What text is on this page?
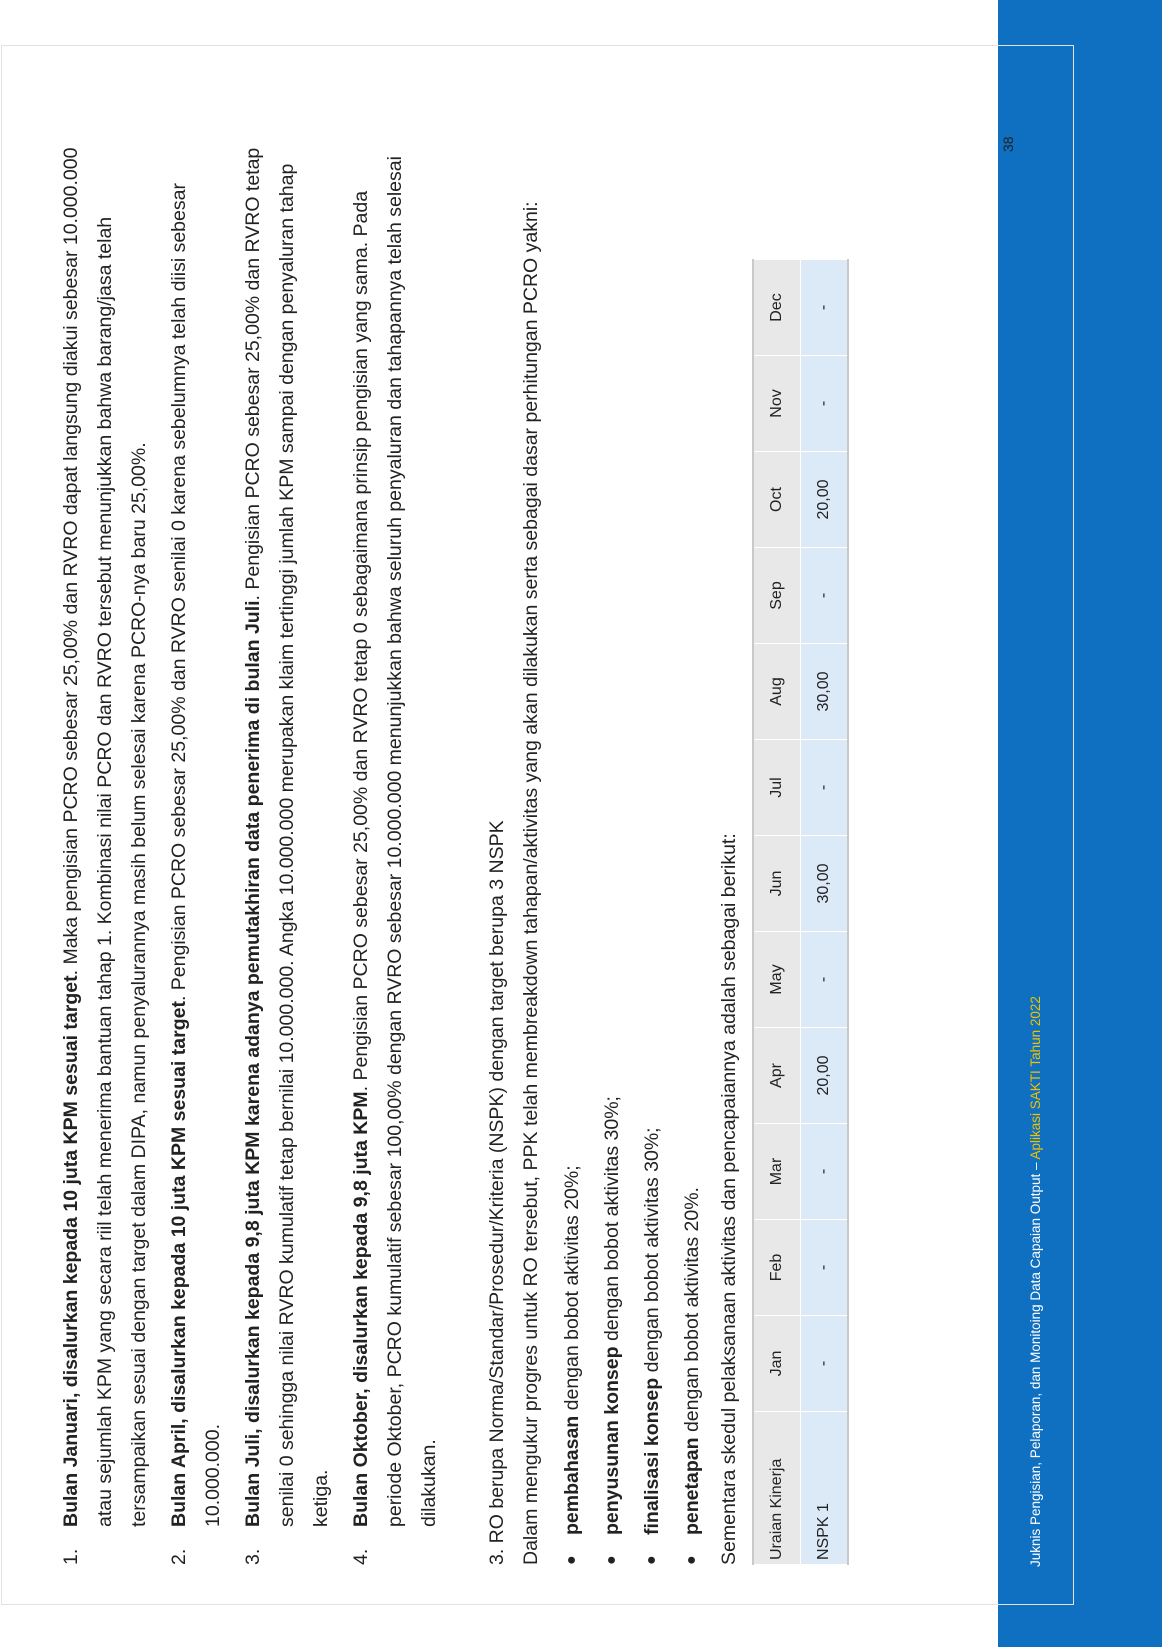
1.
Bulan Januari, disalurkan kepada 10 juta KPM sesuai target. Maka pengisian PCRO sebesar 25,00% dan RVRO dapat langsung diakui sebesar 10.000.000 atau sejumlah KPM yang secara riil telah menerima bantuan tahap 1. Kombinasi nilai PCRO dan RVRO tersebut menunjukkan bahwa barang/jasa telah tersampaikan sesuai dengan target dalam DIPA, namun penyalurannya masih belum selesai karena PCRO-nya baru 25,00%.
2.
Bulan April, disalurkan kepada 10 juta KPM sesuai target. Pengisian PCRO sebesar 25,00% dan RVRO senilai 0 karena sebelumnya telah diisi sebesar 10.000.000.
3.
Bulan Juli, disalurkan kepada 9,8 juta KPM karena adanya pemutakhiran data penerima di bulan Juli. Pengisian PCRO sebesar 25,00% dan RVRO tetap senilai 0 sehingga nilai RVRO kumulatif tetap bernilai 10.000.000. Angka 10.000.000 merupakan klaim tertinggi jumlah KPM sampai dengan penyaluran tahap ketiga.
4.
Bulan Oktober, disalurkan kepada 9,8 juta KPM. Pengisian PCRO sebesar 25,00% dan RVRO tetap 0 sebagaimana prinsip pengisian yang sama. Pada periode Oktober, PCRO kumulatif sebesar 100,00% dengan RVRO sebesar 10.000.000 menunjukkan bahwa seluruh penyaluran dan tahapannya telah selesai dilakukan.	3. RO berupa Norma/Standar/Prosedur/Kriteria (NSPK) dengan target berupa 3 NSPK Dalam mengukur progres untuk RO tersebut, PPK telah membreakdown tahapan/aktivitas yang akan dilakukan serta sebagai dasar perhitungan PCRO yakni:	●
pembahasan dengan bobot aktivitas 20%;
●
penyusunan konsep dengan bobot aktivitas 30%;
●
finalisasi konsep dengan bobot aktivitas 30%;
●
penetapan dengan bobot aktivitas 20%. Sementara skedul pelaksanaan aktivitas dan pencapaiannya adalah sebagai berikut:	Uraian Kinerja	Jan	Feb	Mar	Apr	May	Jun	Jul	Aug	Sep	Oct	Nov	Dec
NSPK 1	-	-	-	20,00	-	30,00	-	30,00	-	20,00	-	-
Juknis Pengisian, Pelaporan, dan Monitoing Data Capaian Output – Aplikasi SAKTI Tahun 2022
38
